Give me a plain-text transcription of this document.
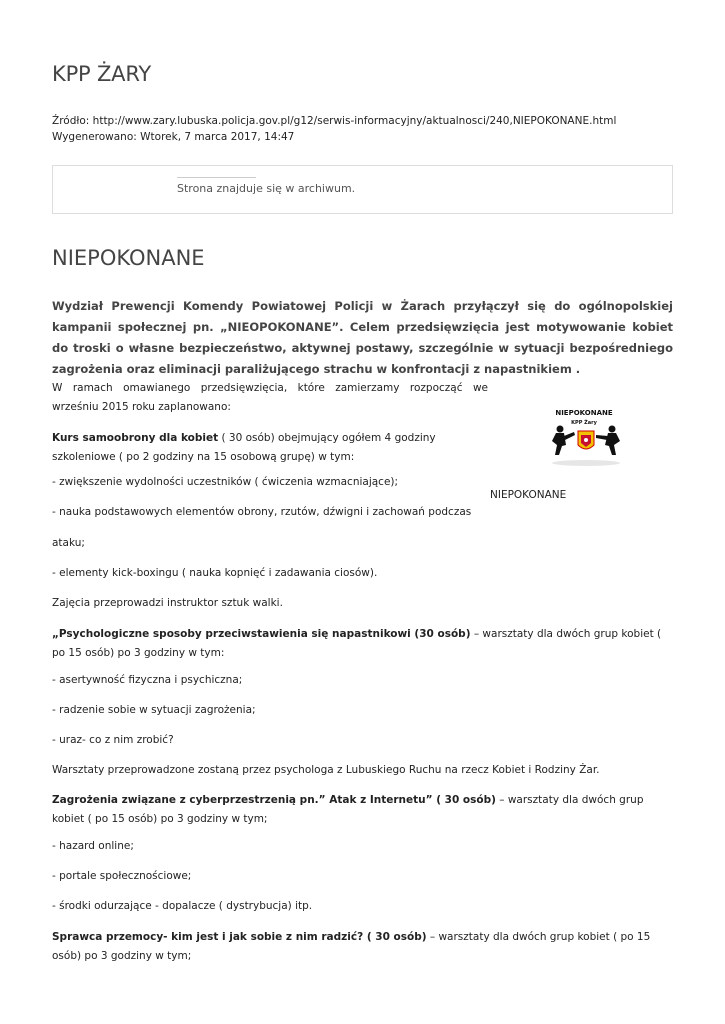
KPP ŻARY
Źródło: http://www.zary.lubuska.policja.gov.pl/g12/serwis-informacyjny/aktualnosci/240,NIEPOKONANE.html
Wygenerowano: Wtorek, 7 marca 2017, 14:47
Strona znajduje się w archiwum.
NIEPOKONANE

Wydział Prewencji Komendy Powiatowej Policji w Żarach przyłączył się do ogólnopolskiej kampanii społecznej pn. „NIEOPOKONANE”. Celem przedsięwzięcia jest motywowanie kobiet do troski o własne bezpieczeństwo, aktywnej postawy, szczególnie w sytuacji bezpośredniego zagrożenia oraz eliminacji paraliżującego strachu w konfrontacji z napastnikiem .

W ramach omawianego przedsięwzięcia, które zamierzamy rozpocząć we wrześniu 2015 roku zaplanowano:	NIEPOKONANE
KPP Żary
NIEPOKONANE

Kurs samoobrony dla kobiet ( 30 osób) obejmujący ogółem 4 godziny szkoleniowe ( po 2 godziny na 15 osobową grupę) w tym:

- zwiększenie wydolności uczestników ( ćwiczenia wzmacniające);

- nauka podstawowych elementów obrony, rzutów, dźwigni i zachowań podczas

ataku;

- elementy kick-boxingu ( nauka kopnięć i zadawania ciosów).

Zajęcia przeprowadzi instruktor sztuk walki.

„Psychologiczne sposoby przeciwstawienia się napastnikowi (30 osób) – warsztaty dla dwóch grup kobiet ( po 15 osób) po 3 godziny w tym:

- asertywność fizyczna i psychiczna;

- radzenie sobie w sytuacji zagrożenia;

- uraz- co z nim zrobić?

Warsztaty przeprowadzone zostaną przez psychologa z Lubuskiego Ruchu na rzecz Kobiet i Rodziny Żar.

Zagrożenia związane z cyberprzestrzenią pn.” Atak z Internetu” ( 30 osób) – warsztaty dla dwóch grup kobiet ( po 15 osób) po 3 godziny w tym;

- hazard online;

- portale społecznościowe;

- środki odurzające - dopalacze ( dystrybucja) itp.

Sprawca przemocy- kim jest i jak sobie z nim radzić? ( 30 osób) – warsztaty dla dwóch grup kobiet ( po 15 osób) po 3 godziny w tym;
